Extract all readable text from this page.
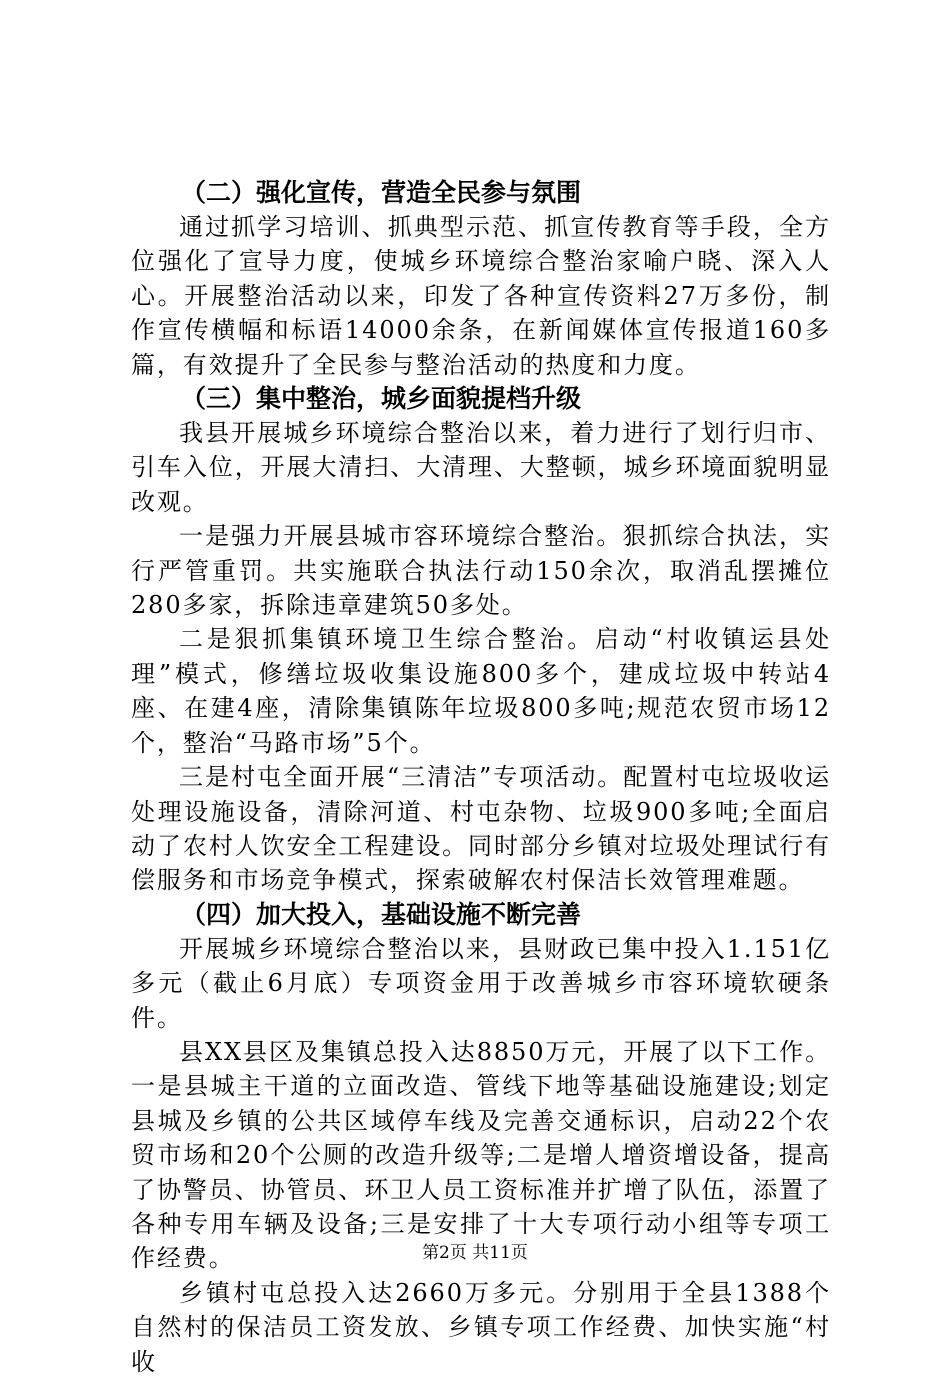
（二）强化宣传，营造全民参与氛围

通过抓学习培训、抓典型示范、抓宣传教育等手段，全方位强化了宣导力度，使城乡环境综合整治家喻户晓、深入人心。开展整治活动以来，印发了各种宣传资料27万多份，制作宣传横幅和标语14000余条，在新闻媒体宣传报道160多篇，有效提升了全民参与整治活动的热度和力度。

（三）集中整治，城乡面貌提档升级

我县开展城乡环境综合整治以来，着力进行了划行归市、引车入位，开展大清扫、大清理、大整顿，城乡环境面貌明显改观。

一是强力开展县城市容环境综合整治。狠抓综合执法，实行严管重罚。共实施联合执法行动150余次，取消乱摆摊位280多家，拆除违章建筑50多处。

二是狠抓集镇环境卫生综合整治。启动“村收镇运县处理”模式，修缮垃圾收集设施800多个，建成垃圾中转站4座、在建4座，清除集镇陈年垃圾800多吨;规范农贸市场12个，整治“马路市场”5个。

三是村屯全面开展“三清洁”专项活动。配置村屯垃圾收运处理设施设备，清除河道、村屯杂物、垃圾900多吨;全面启动了农村人饮安全工程建设。同时部分乡镇对垃圾处理试行有偿服务和市场竞争模式，探索破解农村保洁长效管理难题。

（四）加大投入，基础设施不断完善

开展城乡环境综合整治以来，县财政已集中投入1.151亿多元（截止6月底）专项资金用于改善城乡市容环境软硬条件。

县XX县区及集镇总投入达8850万元，开展了以下工作。一是县城主干道的立面改造、管线下地等基础设施建设;划定县城及乡镇的公共区域停车线及完善交通标识，启动22个农贸市场和20个公厕的改造升级等;二是增人增资增设备，提高了协警员、协管员、环卫人员工资标准并扩增了队伍，添置了各种专用车辆及设备;三是安排了十大专项行动小组等专项工作经费。

乡镇村屯总投入达2660万多元。分别用于全县1388个自然村的保洁员工资发放、乡镇专项工作经费、加快实施“村收

第2页 共11页
